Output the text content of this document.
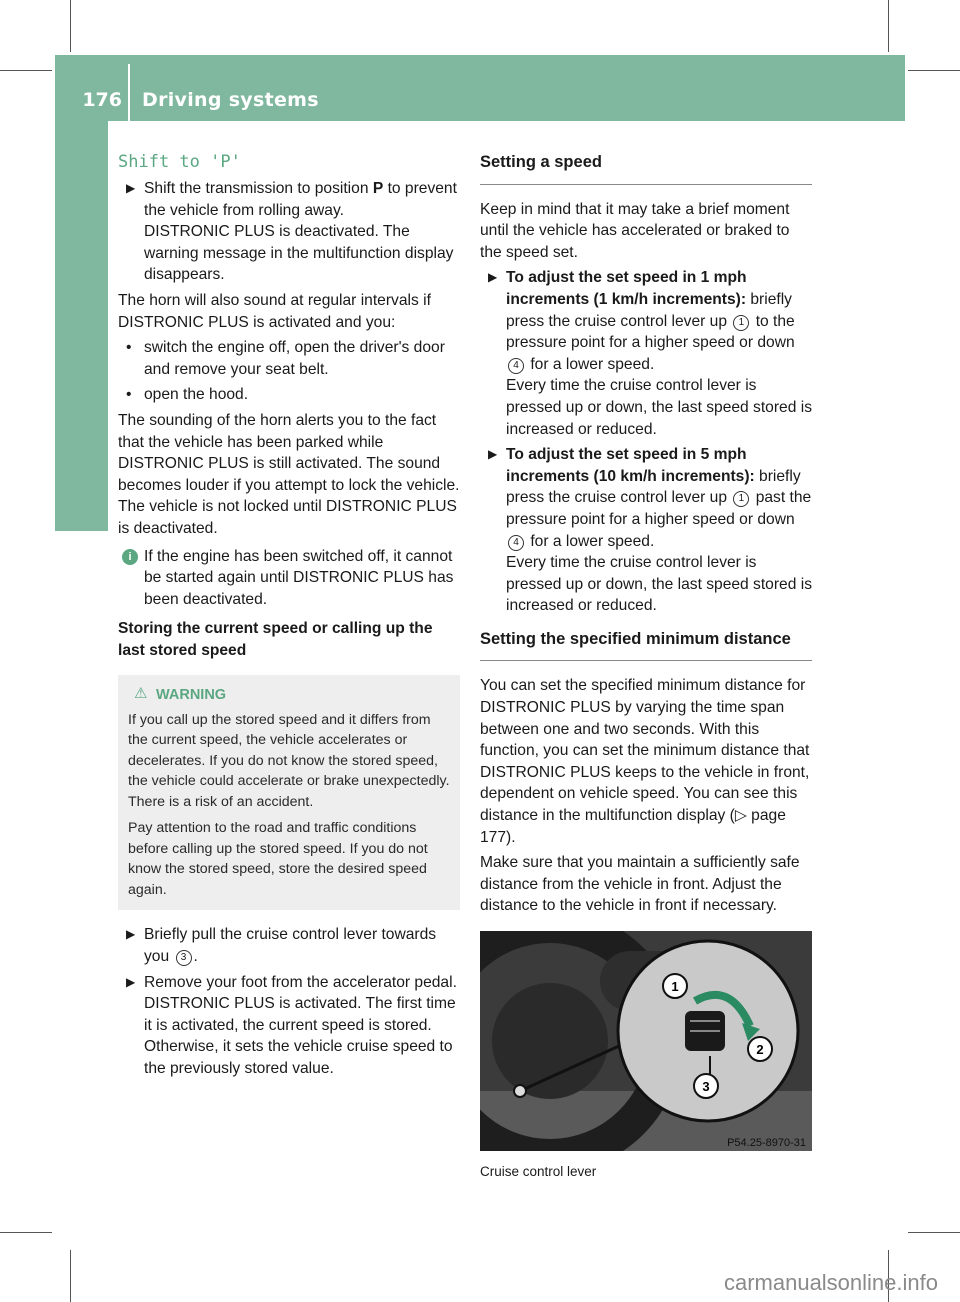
176 Driving systems
Driving and parking
Shift to 'P'
▶ Shift the transmission to position P to prevent the vehicle from rolling away.
DISTRONIC PLUS is deactivated. The warning message in the multifunction display disappears.

The horn will also sound at regular intervals if DISTRONIC PLUS is activated and you:

• switch the engine off, open the driver's door and remove your seat belt.
• open the hood.

The sounding of the horn alerts you to the fact that the vehicle has been parked while DISTRONIC PLUS is still activated. The sound becomes louder if you attempt to lock the vehicle. The vehicle is not locked until DISTRONIC PLUS is deactivated.

i If the engine has been switched off, it cannot be started again until DISTRONIC PLUS has been deactivated.
Storing the current speed or calling up the last stored speed
⚠ WARNING

If you call up the stored speed and it differs from the current speed, the vehicle accelerates or decelerates. If you do not know the stored speed, the vehicle could accelerate or brake unexpectedly. There is a risk of an accident.

Pay attention to the road and traffic conditions before calling up the stored speed. If you do not know the stored speed, store the desired speed again.

▶ Briefly pull the cruise control lever towards you 3 .
▶ Remove your foot from the accelerator pedal.
DISTRONIC PLUS is activated. The first time it is activated, the current speed is stored. Otherwise, it sets the vehicle cruise speed to the previously stored value.
Setting a speed

Keep in mind that it may take a brief moment until the vehicle has accelerated or braked to the speed set.

▶ To adjust the set speed in 1 mph increments (1 km/h increments): briefly press the cruise control lever up 1 to the pressure point for a higher speed or down 4 for a lower speed.
Every time the cruise control lever is pressed up or down, the last speed stored is increased or reduced.
▶ To adjust the set speed in 5 mph increments (10 km/h increments): briefly press the cruise control lever up 1 past the pressure point for a higher speed or down 4 for a lower speed.
Every time the cruise control lever is pressed up or down, the last speed stored is increased or reduced.
Setting the specified minimum distance

You can set the specified minimum distance for DISTRONIC PLUS by varying the time span between one and two seconds. With this function, you can set the minimum distance that DISTRONIC PLUS keeps to the vehicle in front, dependent on vehicle speed. You can see this distance in the multifunction display (▷ page 177).

Make sure that you maintain a sufficiently safe distance from the vehicle in front. Adjust the distance to the vehicle in front if necessary.

1
2
3
P54.25-8970-31
Cruise control lever
carmanualsonline.info
